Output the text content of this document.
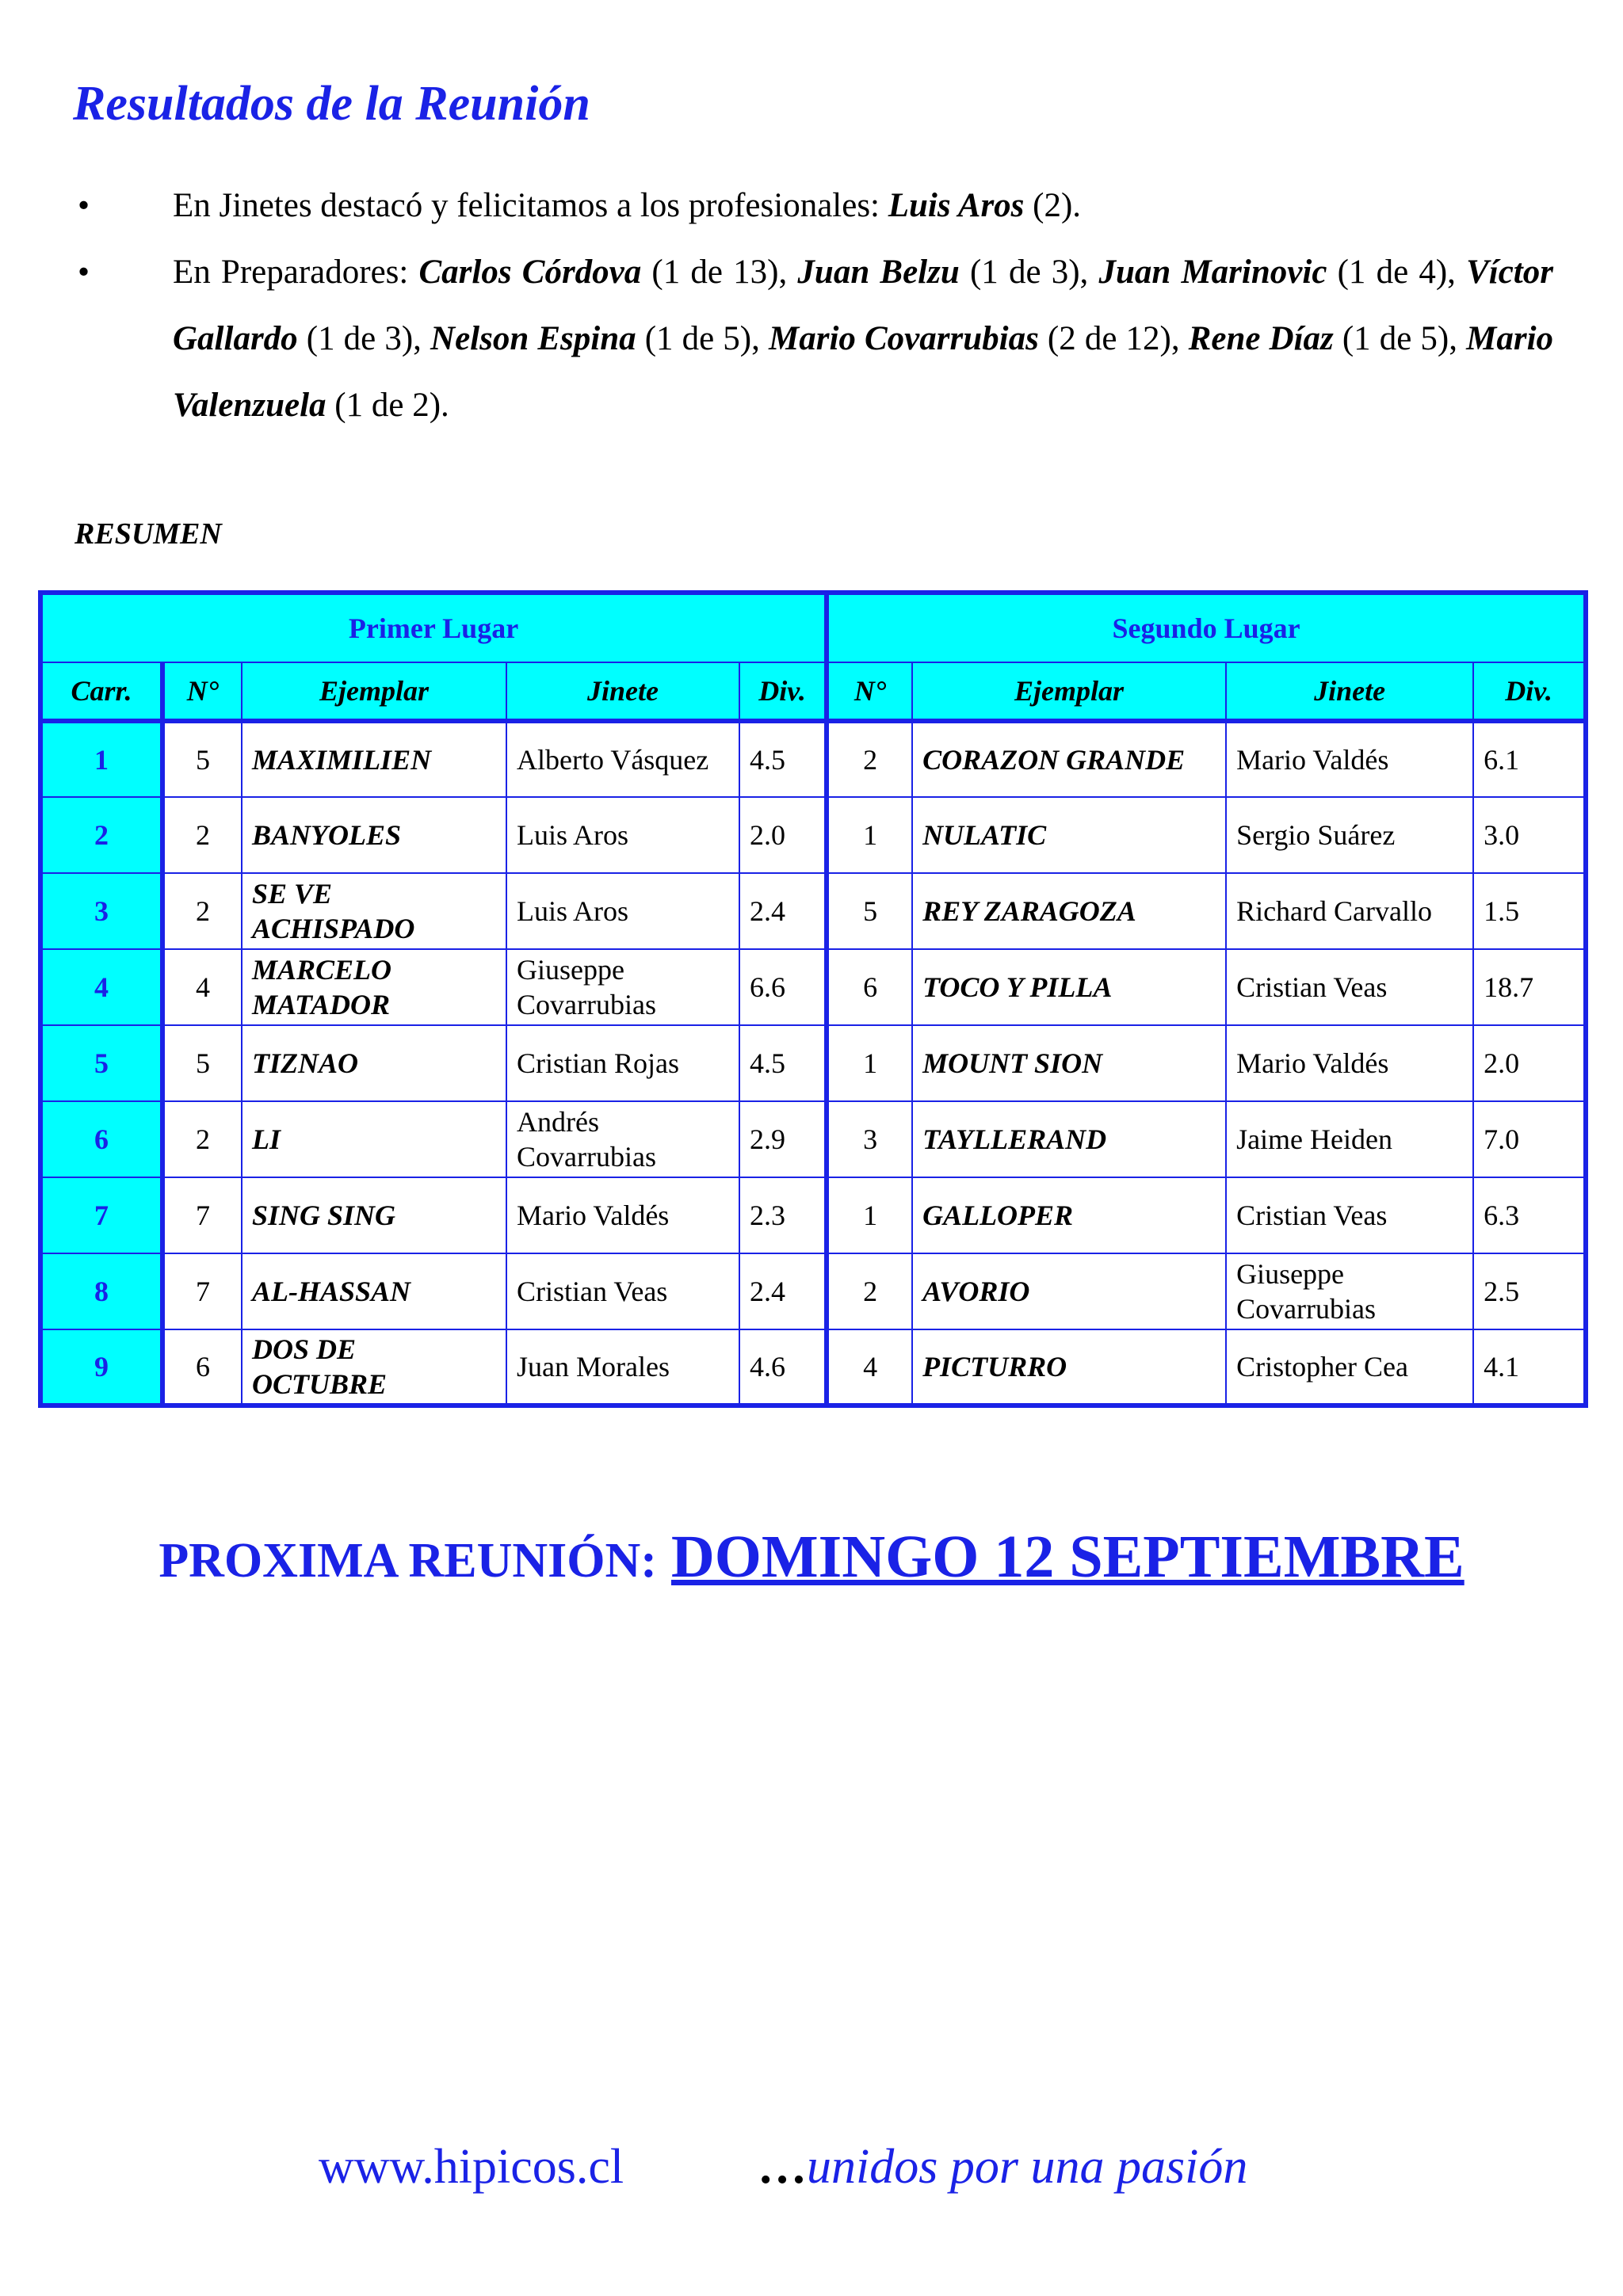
Resultados de la Reunión
•	En Jinetes destacó y felicitamos a los profesionales: Luis Aros (2).
•	En Preparadores: Carlos Córdova (1 de 13), Juan Belzu (1 de 3), Juan Marinovic (1 de 4), Víctor Gallardo (1 de 3), Nelson Espina (1 de 5), Mario Covarrubias (2 de 12), Rene Díaz (1 de 5), Mario Valenzuela (1 de 2).
RESUMEN
Primer Lugar					Segundo Lugar			
Carr.	N°	Ejemplar	Jinete	Div.	N°	Ejemplar	Jinete	Div.
1	5	MAXIMILIEN	Alberto Vásquez	4.5	2	CORAZON GRANDE	Mario Valdés	6.1
2	2	BANYOLES	Luis Aros	2.0	1	NULATIC	Sergio Suárez	3.0
3	2	SE VE ACHISPADO	Luis Aros	2.4	5	REY ZARAGOZA	Richard Carvallo	1.5
4	4	MARCELO MATADOR	Giuseppe Covarrubias	6.6	6	TOCO Y PILLA	Cristian Veas	18.7
5	5	TIZNAO	Cristian Rojas	4.5	1	MOUNT SION	Mario Valdés	2.0
6	2	LI	Andrés Covarrubias	2.9	3	TAYLLERAND	Jaime Heiden	7.0
7	7	SING SING	Mario Valdés	2.3	1	GALLOPER	Cristian Veas	6.3
8	7	AL-HASSAN	Cristian Veas	2.4	2	AVORIO	Giuseppe Covarrubias	2.5
9	6	DOS DE OCTUBRE	Juan Morales	4.6	4	PICTURRO	Cristopher Cea	4.1
PROXIMA REUNIÓN: DOMINGO 12 SEPTIEMBRE
www.hipicos.cl	…unidos por una pasión
